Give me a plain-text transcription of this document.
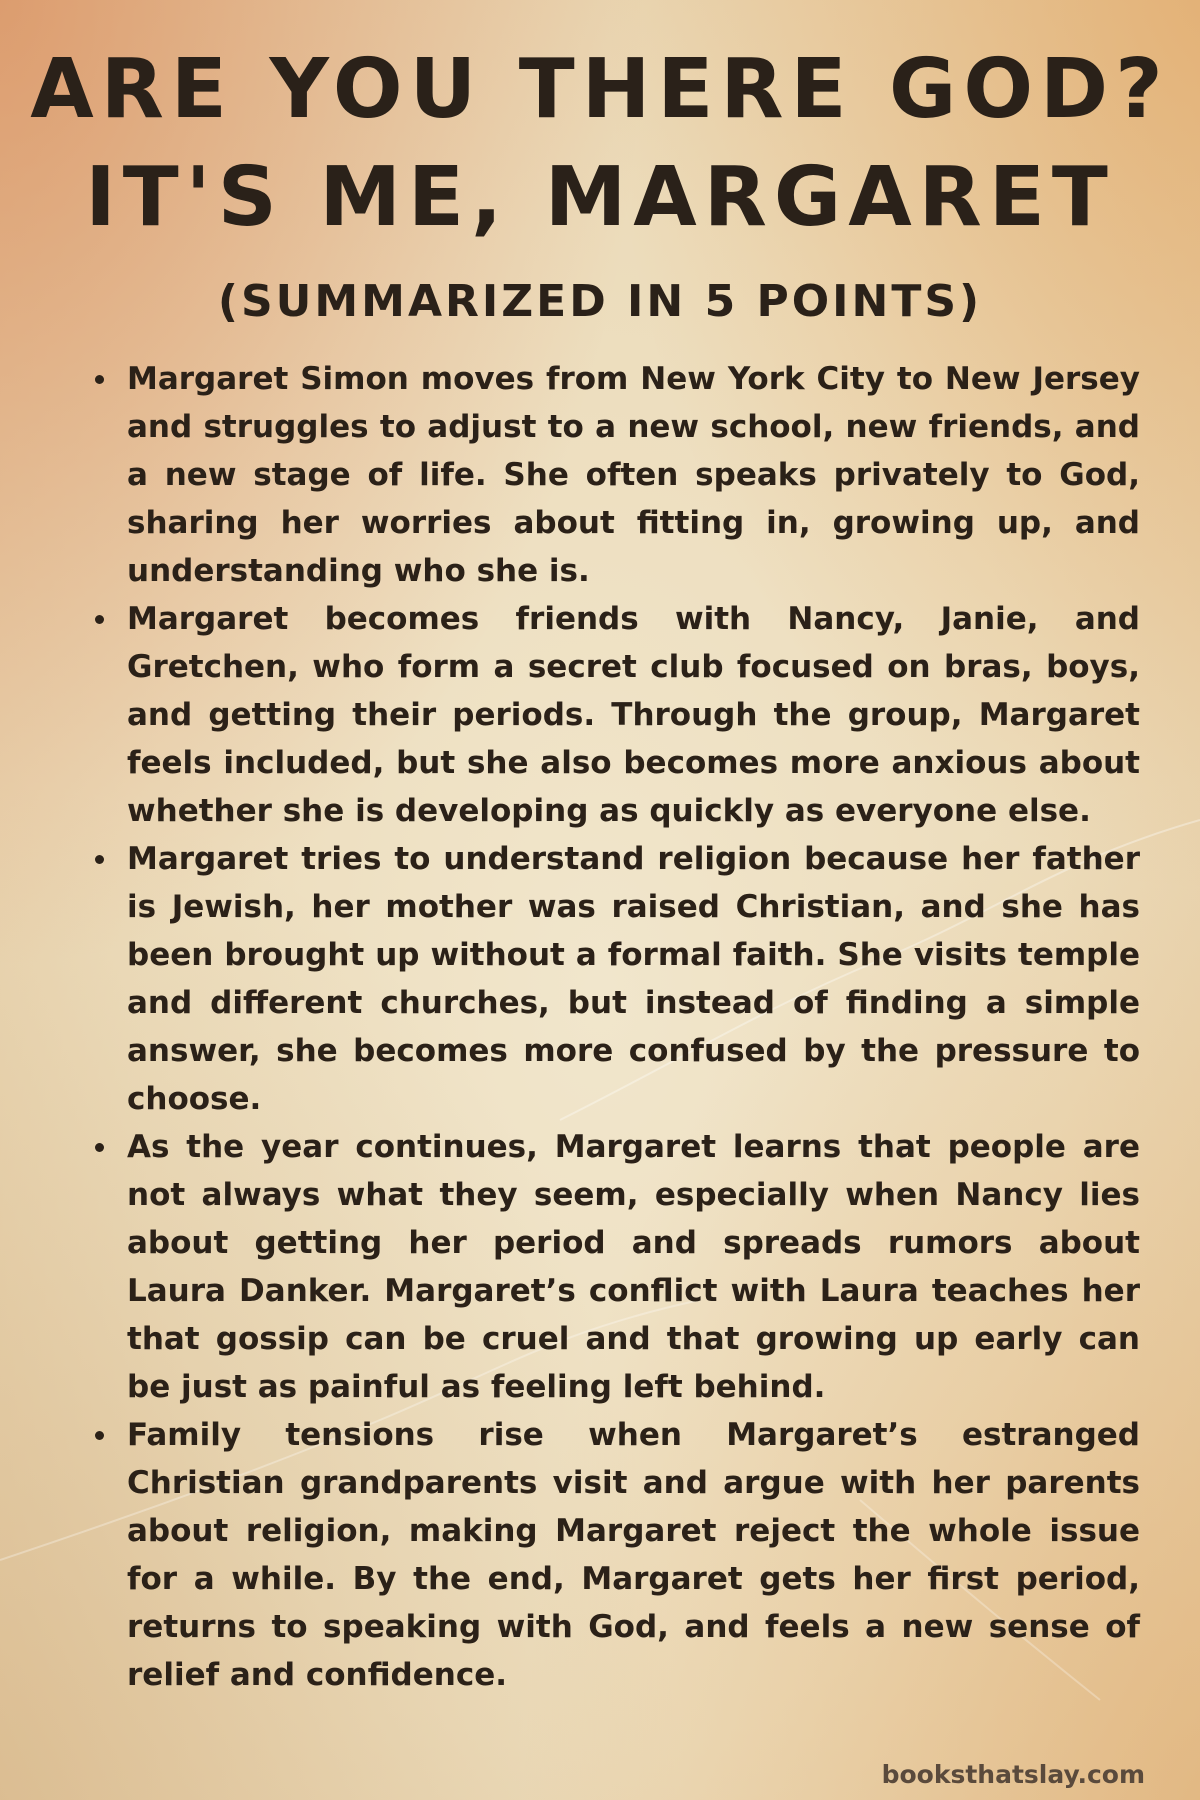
ARE YOU THERE GOD?
IT'S ME, MARGARET
(SUMMARIZED IN 5 POINTS)
Margaret Simon moves from New York City to New Jersey and struggles to adjust to a new school, new friends, and a new stage of life. She often speaks privately to God, sharing her worries about fitting in, growing up, and understanding who she is.
Margaret becomes friends with Nancy, Janie, and Gretchen, who form a secret club focused on bras, boys, and getting their periods. Through the group, Margaret feels included, but she also becomes more anxious about whether she is developing as quickly as everyone else.
Margaret tries to understand religion because her father is Jewish, her mother was raised Christian, and she has been brought up without a formal faith. She visits temple and different churches, but instead of finding a simple answer, she becomes more confused by the pressure to choose.
As the year continues, Margaret learns that people are not always what they seem, especially when Nancy lies about getting her period and spreads rumors about Laura Danker. Margaret’s conflict with Laura teaches her that gossip can be cruel and that growing up early can be just as painful as feeling left behind.
Family tensions rise when Margaret’s estranged Christian grandparents visit and argue with her parents about religion, making Margaret reject the whole issue for a while. By the end, Margaret gets her first period, returns to speaking with God, and feels a new sense of relief and confidence.
booksthatslay.com
